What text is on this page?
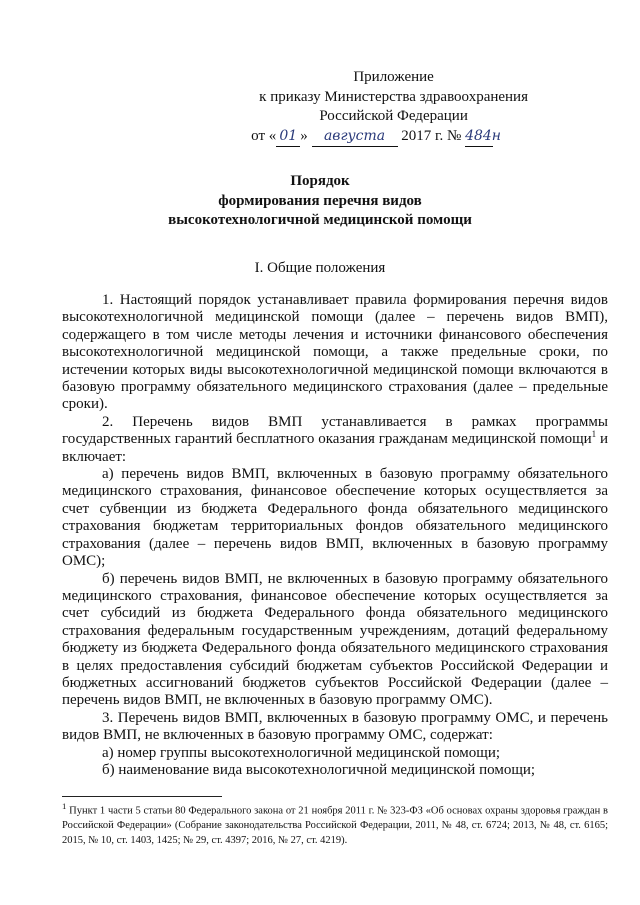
Приложение
к приказу Министерства здравоохранения
Российской Федерации
от « 01 » августа 2017 г. № 484н
Порядок
формирования перечня видов
высокотехнологичной медицинской помощи
I. Общие положения

1. Настоящий порядок устанавливает правила формирования перечня видов высокотехнологичной медицинской помощи (далее – перечень видов ВМП), содержащего в том числе методы лечения и источники финансового обеспечения высокотехнологичной медицинской помощи, а также предельные сроки, по истечении которых виды высокотехнологичной медицинской помощи включаются в базовую программу обязательного медицинского страхования (далее – предельные сроки).

2. Перечень видов ВМП устанавливается в рамках программы государственных гарантий бесплатного оказания гражданам медицинской помощи$^1$ и включает:

а) перечень видов ВМП, включенных в базовую программу обязательного медицинского страхования, финансовое обеспечение которых осуществляется за счет субвенции из бюджета Федерального фонда обязательного медицинского страхования бюджетам территориальных фондов обязательного медицинского страхования (далее – перечень видов ВМП, включенных в базовую программу ОМС);

б) перечень видов ВМП, не включенных в базовую программу обязательного медицинского страхования, финансовое обеспечение которых осуществляется за счет субсидий из бюджета Федерального фонда обязательного медицинского страхования федеральным государственным учреждениям, дотаций федеральному бюджету из бюджета Федерального фонда обязательного медицинского страхования в целях предоставления субсидий бюджетам субъектов Российской Федерации и бюджетных ассигнований бюджетов субъектов Российской Федерации (далее – перечень видов ВМП, не включенных в базовую программу ОМС).

3. Перечень видов ВМП, включенных в базовую программу ОМС, и перечень видов ВМП, не включенных в базовую программу ОМС, содержат:

а) номер группы высокотехнологичной медицинской помощи;

б) наименование вида высокотехнологичной медицинской помощи;

$^1$ Пункт 1 части 5 статьи 80 Федерального закона от 21 ноября 2011 г. № 323-ФЗ «Об основах охраны здоровья граждан в Российской Федерации» (Собрание законодательства Российской Федерации, 2011, № 48, ст. 6724; 2013, № 48, ст. 6165; 2015, № 10, ст. 1403, 1425; № 29, ст. 4397; 2016, № 27, ст. 4219).
